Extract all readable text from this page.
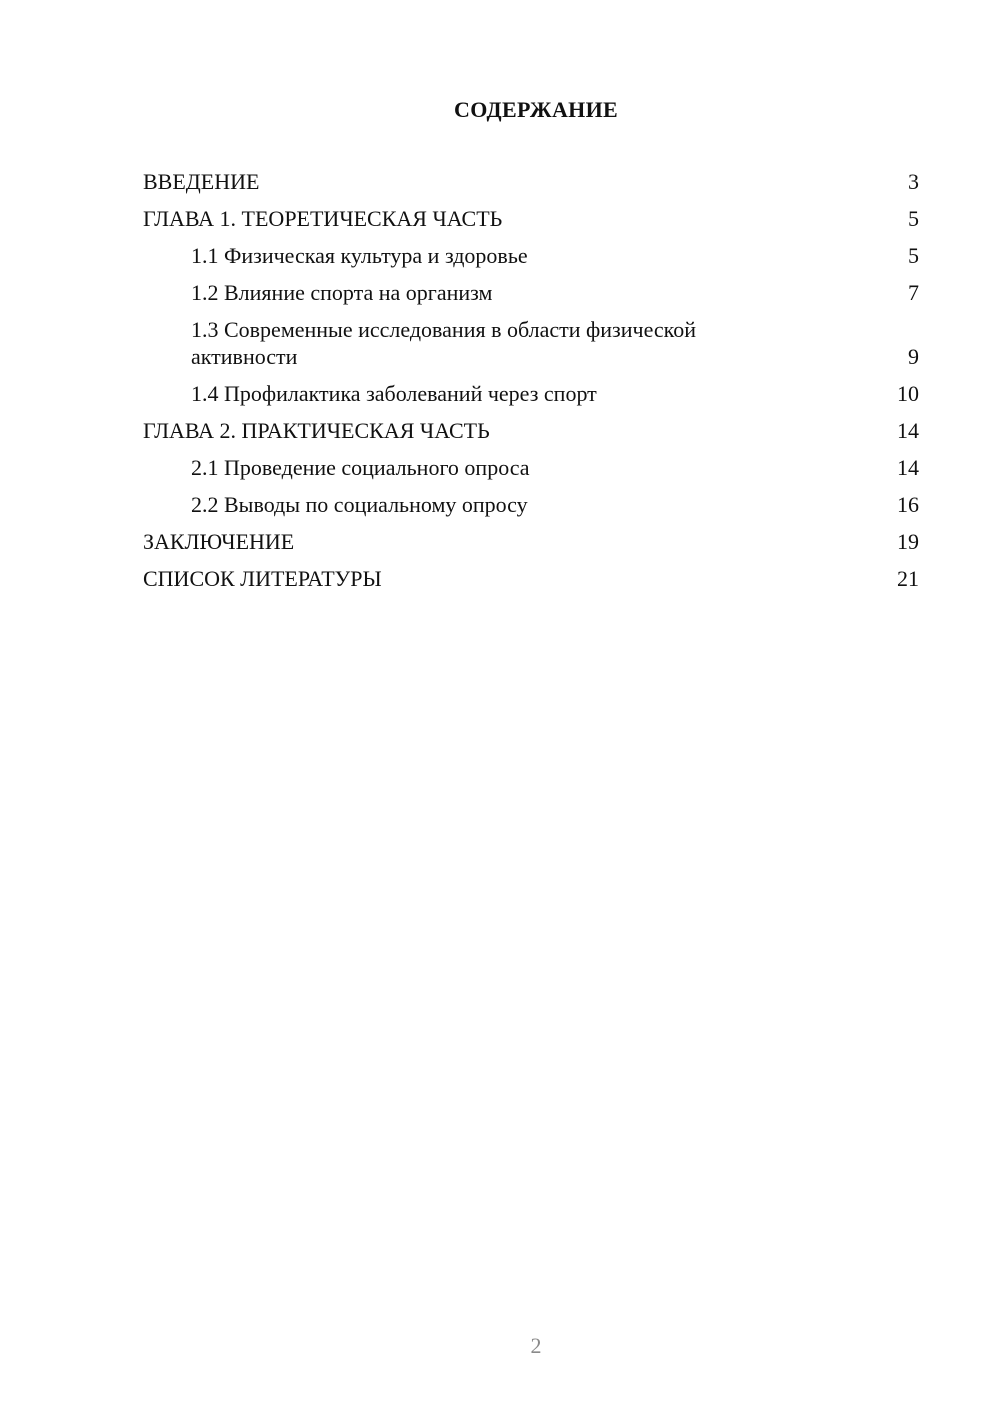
СОДЕРЖАНИЕ
ВВЕДЕНИЕ	3
ГЛАВА 1. ТЕОРЕТИЧЕСКАЯ ЧАСТЬ	5
1.1 Физическая культура и здоровье	5
1.2 Влияние спорта на организм	7
1.3 Современные исследования в области физической активности	9
1.4 Профилактика заболеваний через спорт	10
ГЛАВА 2. ПРАКТИЧЕСКАЯ ЧАСТЬ	14
2.1 Проведение социального опроса	14
2.2 Выводы по социальному опросу	16
ЗАКЛЮЧЕНИЕ	19
СПИСОК ЛИТЕРАТУРЫ	21
2
